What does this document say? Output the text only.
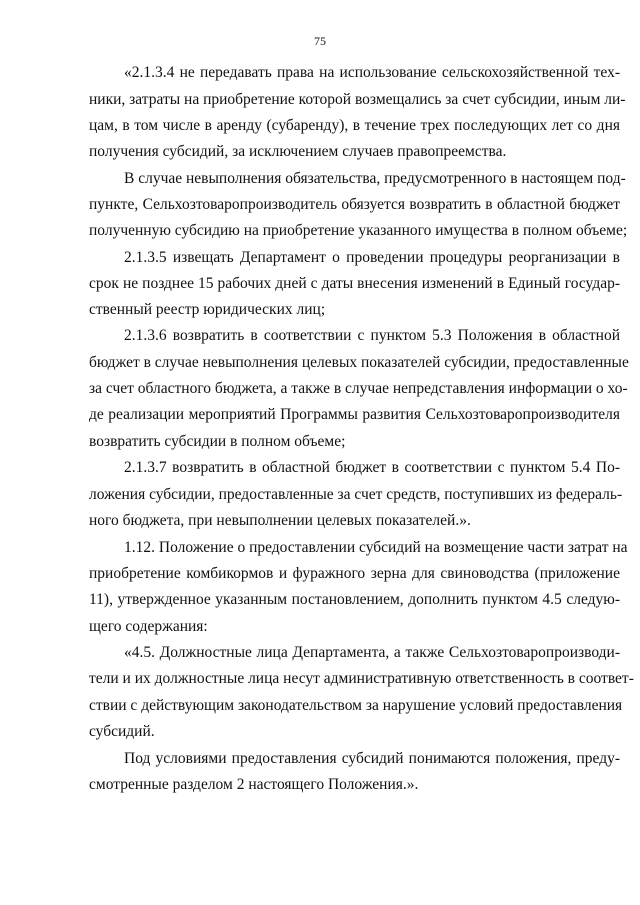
75
«2.1.3.4 не передавать права на использование сельскохозяйственной тех-
ники, затраты на приобретение которой возмещались за счет субсидии, иным ли-
цам, в том числе в аренду (субаренду), в течение трех последующих лет со дня
получения субсидий, за исключением случаев правопреемства.
В случае невыполнения обязательства, предусмотренного в настоящем под-
пункте, Сельхозтоваропроизводитель обязуется возвратить в областной бюджет
полученную субсидию на приобретение указанного имущества в полном объеме;
2.1.3.5 извещать Департамент о проведении процедуры реорганизации в
срок не позднее 15 рабочих дней с даты внесения изменений в Единый государ-
ственный реестр юридических лиц;
2.1.3.6 возвратить в соответствии с пунктом 5.3 Положения в областной
бюджет в случае невыполнения целевых показателей субсидии, предоставленные
за счет областного бюджета, а также в случае непредставления информации о хо-
де реализации мероприятий Программы развития Сельхозтоваропроизводителя
возвратить субсидии в полном объеме;
2.1.3.7 возвратить в областной бюджет в соответствии с пунктом 5.4 По-
ложения субсидии, предоставленные за счет средств, поступивших из федераль-
ного бюджета, при невыполнении целевых показателей.».
1.12. Положение о предоставлении субсидий на возмещение части затрат на
приобретение комбикормов и фуражного зерна для свиноводства (приложение
11), утвержденное указанным постановлением, дополнить пунктом 4.5 следую-
щего содержания:
«4.5. Должностные лица Департамента, а также Сельхозтоваропроизводи-
тели и их должностные лица несут административную ответственность в соответ-
ствии с действующим законодательством за нарушение условий предоставления
субсидий.
Под условиями предоставления субсидий понимаются положения, преду-
смотренные разделом 2 настоящего Положения.».
